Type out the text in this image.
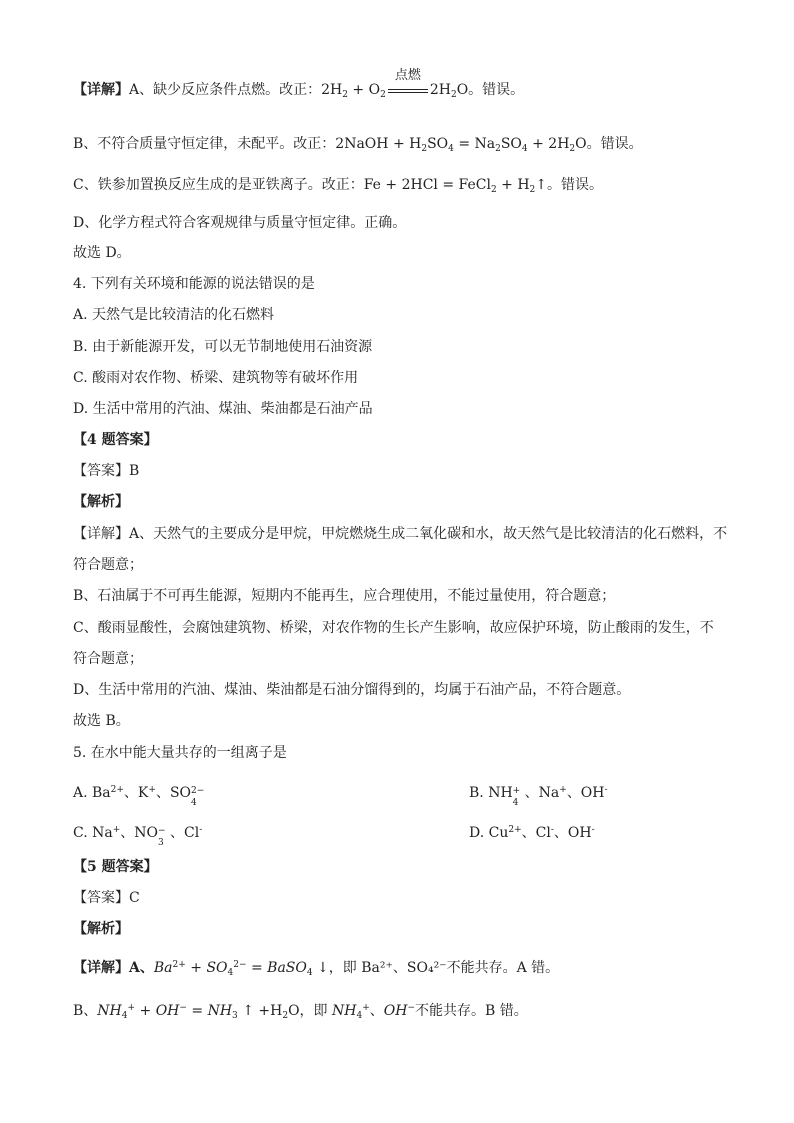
【详解】A、缺少反应条件点燃。改正：$2H_2 + O_2$
点燃
$2H_2O$。错误。
B、不符合质量守恒定律，未配平。改正：2NaOH + $H_2SO_4 = Na_2SO_4 + 2H_2O$。错误。
C、铁参加置换反应生成的是亚铁离子。改正：Fe + 2HCl = FeCl$_2$ + $H_2↑$。错误。
D、化学方程式符合客观规律与质量守恒定律。正确。
故选 D。
4. 下列有关环境和能源的说法错误的是
A. 天然气是比较清洁的化石燃料
B. 由于新能源开发，可以无节制地使用石油资源
C. 酸雨对农作物、桥梁、建筑物等有破坏作用
D. 生活中常用的汽油、煤油、柴油都是石油产品
【4 题答案】
【答案】B
【解析】
【详解】A、天然气的主要成分是甲烷，甲烷燃烧生成二氧化碳和水，故天然气是比较清洁的化石燃料，不
符合题意；
B、石油属于不可再生能源，短期内不能再生，应合理使用，不能过量使用，符合题意；
C、酸雨显酸性，会腐蚀建筑物、桥梁，对农作物的生长产生影响，故应保护环境，防止酸雨的发生，不
符合题意；
D、生活中常用的汽油、煤油、柴油都是石油分馏得到的，均属于石油产品，不符合题意。
故选 B。
5. 在水中能大量共存的一组离子是
A. $Ba^{2+}$、K+、SO 2−
4
B. NH +
4
、Na+、OH-
C. Na+、NO −
3
、Cl-	D. $Cu^{2+}$、Cl-、OH-
【5 题答案】
【答案】C
【解析】
【详解】A、$Ba^{2+} + SO_4^{2-}$ = BaSO$_4$ ↓，即 Ba²⁺、SO₄²⁻不能共存。A 错。
B、$NH_4^+ + OH^- = NH_3$ ↑ $+H_2O$，即 $NH_4^+$、OH−不能共存。B 错。
